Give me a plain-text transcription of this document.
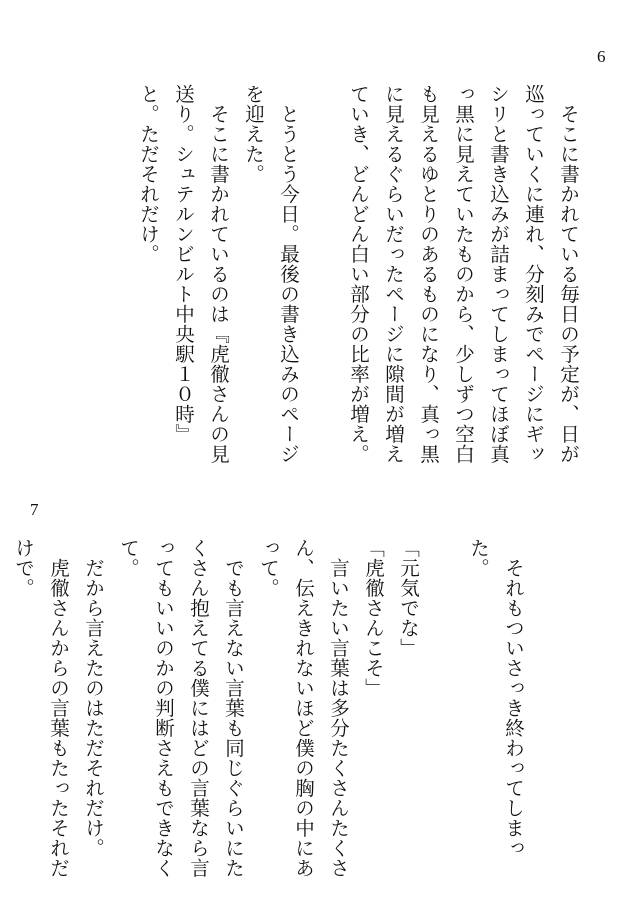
6

　そこに書かれている毎日の予定が、日が巡っていくに連れ、分刻みでページにギッシリと書き込みが詰まってしまってほぼ真っ黒に見えていたものから、少しずつ空白も見えるゆとりのあるものになり、真っ黒に見えるぐらいだったページに隙間が増えていき、どんどん白い部分の比率が増え。

　とうとう今日。最後の書き込みのページを迎えた。

　そこに書かれているのは『虎徹さんの見送り。シュテルンビルト中央駅１０時』と。ただそれだけ。

7

　それもついさっき終わってしまった。

「元気でな」

「虎徹さんこそ」

　言いたい言葉は多分たくさんたくさん、伝えきれないほど僕の胸の中にあって。

　でも言えない言葉も同じぐらいにたくさん抱えてる僕にはどの言葉なら言ってもいいのかの判断さえもできなくて。

　だから言えたのはただそれだけ。

　虎徹さんからの言葉もたったそれだけで。
